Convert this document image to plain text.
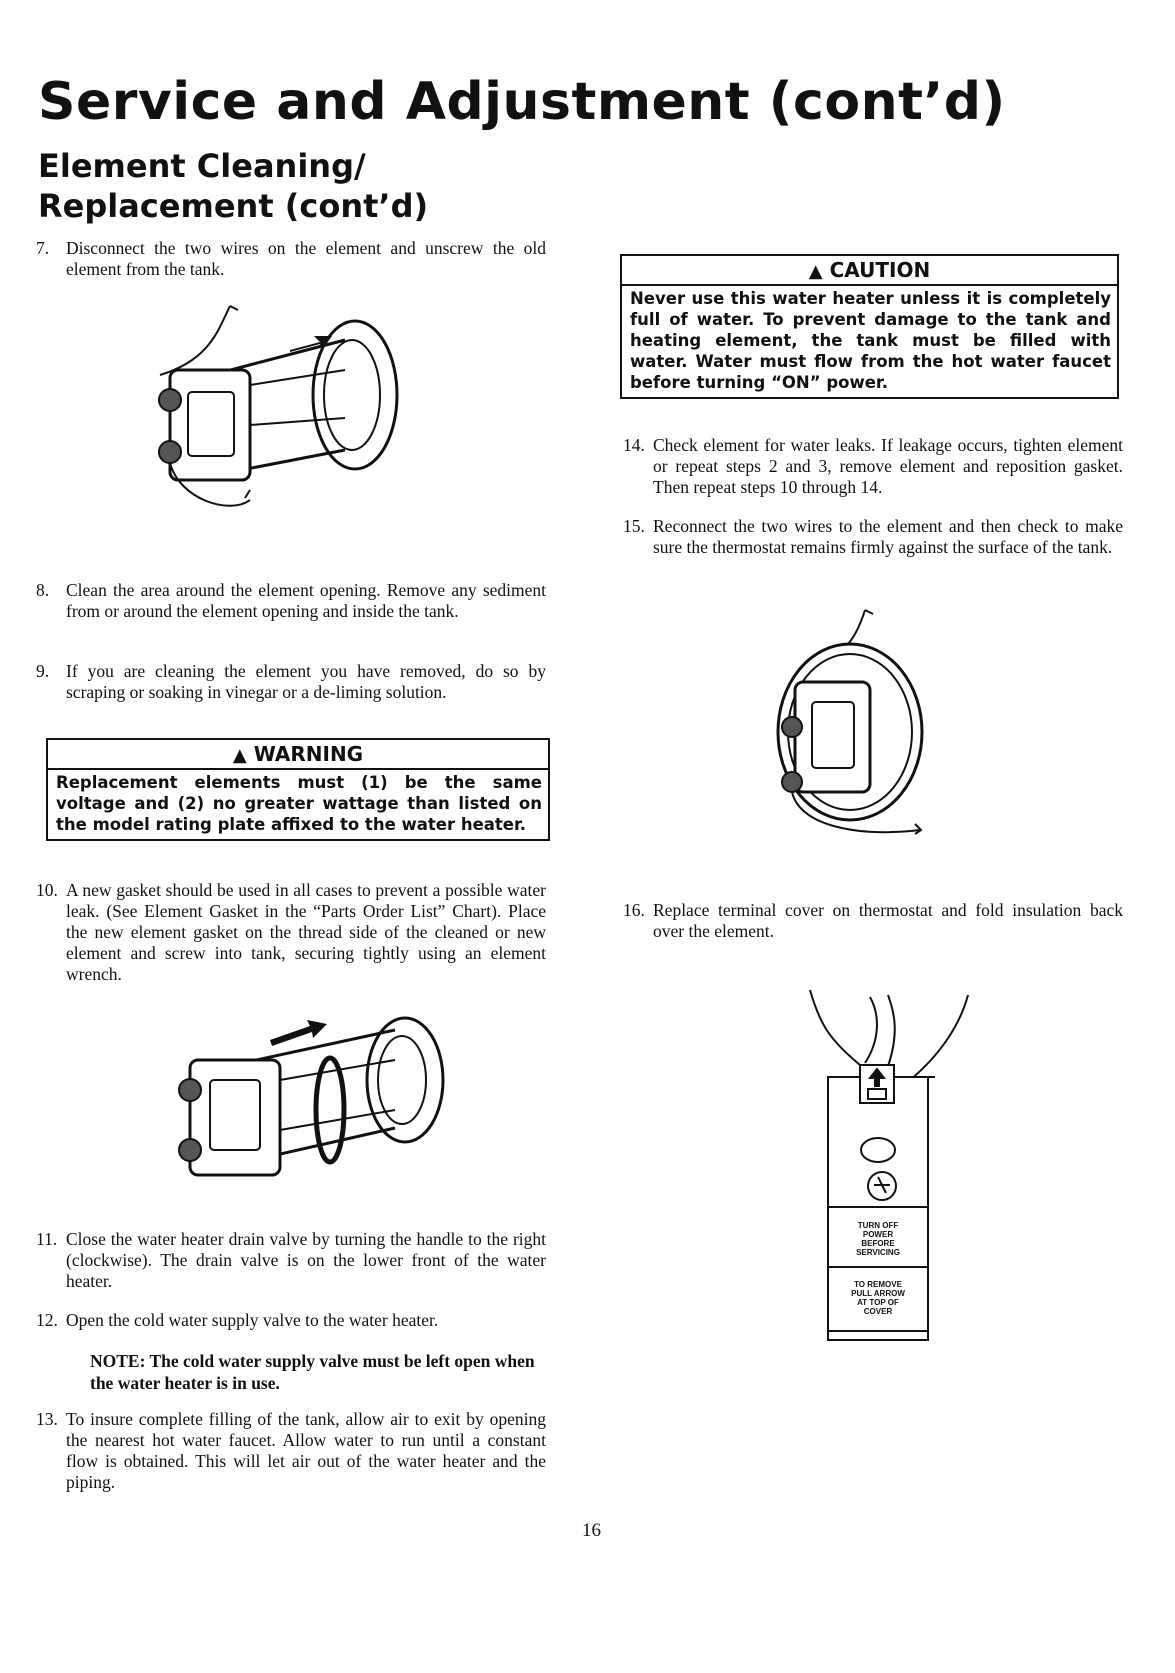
Service and Adjustment (cont’d)
Element Cleaning/
Replacement (cont’d)
7. Disconnect the two wires on the element and unscrew the old element from the tank.
8. Clean the area around the element opening. Remove any sediment from or around the element opening and inside the tank.
9. If you are cleaning the element you have removed, do so by scraping or soaking in vinegar or a de-liming solution.
▲ WARNING
Replacement elements must (1) be the same voltage and (2) no greater wattage than listed on the model rating plate affixed to the water heater.
10. A new gasket should be used in all cases to prevent a possible water leak. (See Element Gasket in the “Parts Order List” Chart). Place the new element gasket on the thread side of the cleaned or new element and screw into tank, securing tightly using an element wrench.
11. Close the water heater drain valve by turning the handle to the right (clockwise). The drain valve is on the lower front of the water heater.
12. Open the cold water supply valve to the water heater.
NOTE: The cold water supply valve must be left open when the water heater is in use.
13. To insure complete filling of the tank, allow air to exit by opening the nearest hot water faucet. Allow water to run until a constant flow is obtained. This will let air out of the water heater and the piping.
▲ CAUTION
Never use this water heater unless it is completely full of water. To prevent damage to the tank and heating element, the tank must be filled with water. Water must flow from the hot water faucet before turning “ON” power.
14. Check element for water leaks. If leakage occurs, tighten element or repeat steps 2 and 3, remove element and reposition gasket. Then repeat steps 10 through 14.
15. Reconnect the two wires to the element and then check to make sure the thermostat remains firmly against the surface of the tank.
16. Replace terminal cover on thermostat and fold insulation back over the element.
TURN OFF
POWER
BEFORE
SERVICING
TO REMOVE
PULL ARROW
AT TOP OF
COVER
16
